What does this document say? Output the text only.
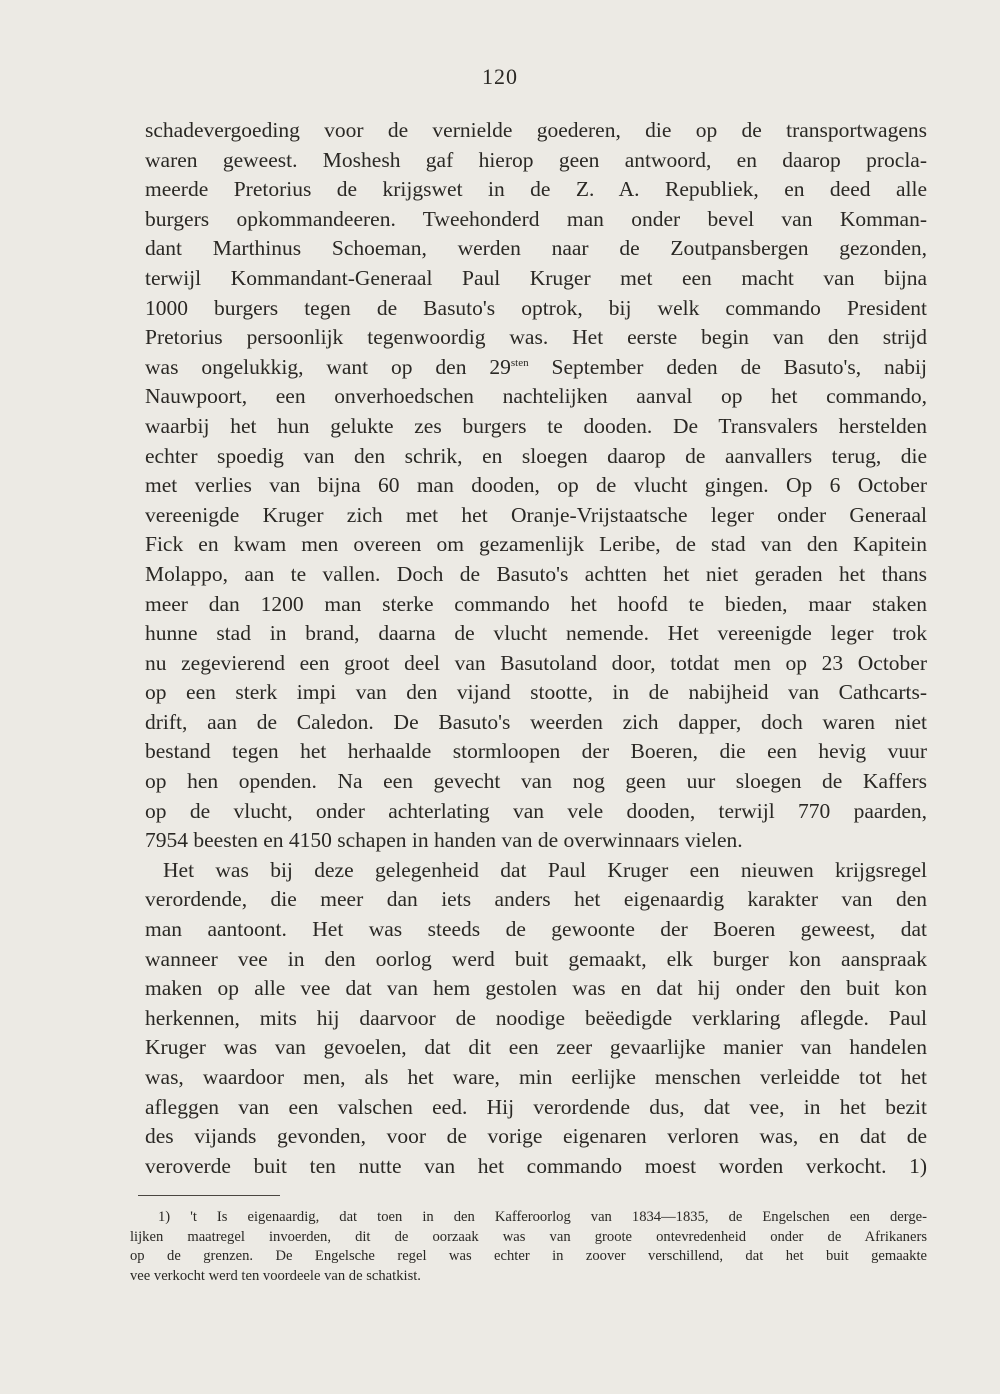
120
schadevergoeding voor de vernielde goederen, die op de transportwagens
waren geweest. Moshesh gaf hierop geen antwoord, en daarop procla-
meerde Pretorius de krijgswet in de Z. A. Republiek, en deed alle
burgers opkommandeeren. Tweehonderd man onder bevel van Komman-
dant Marthinus Schoeman, werden naar de Zoutpansbergen gezonden,
terwijl Kommandant-Generaal Paul Kruger met een macht van bijna
1000 burgers tegen de Basuto's optrok, bij welk commando President
Pretorius persoonlijk tegenwoordig was. Het eerste begin van den strijd
was ongelukkig, want op den $29^{sten}$ September deden de Basuto's, nabij
Nauwpoort, een onverhoedschen nachtelijken aanval op het commando,
waarbij het hun gelukte zes burgers te dooden. De Transvalers herstelden
echter spoedig van den schrik, en sloegen daarop de aanvallers terug, die
met verlies van bijna 60 man dooden, op de vlucht gingen. Op 6 October
vereenigde Kruger zich met het Oranje-Vrijstaatsche leger onder Generaal
Fick en kwam men overeen om gezamenlijk Leribe, de stad van den Kapitein
Molappo, aan te vallen. Doch de Basuto's achtten het niet geraden het thans
meer dan 1200 man sterke commando het hoofd te bieden, maar staken
hunne stad in brand, daarna de vlucht nemende. Het vereenigde leger trok
nu zegevierend een groot deel van Basutoland door, totdat men op 23 October
op een sterk impi van den vijand stootte, in de nabijheid van Cathcarts-
drift, aan de Caledon. De Basuto's weerden zich dapper, doch waren niet
bestand tegen het herhaalde stormloopen der Boeren, die een hevig vuur
op hen openden. Na een gevecht van nog geen uur sloegen de Kaffers
op de vlucht, onder achterlating van vele dooden, terwijl 770 paarden,
7954 beesten en 4150 schapen in handen van de overwinnaars vielen.
Het was bij deze gelegenheid dat Paul Kruger een nieuwen krijgsregel
verordende, die meer dan iets anders het eigenaardig karakter van den
man aantoont. Het was steeds de gewoonte der Boeren geweest, dat
wanneer vee in den oorlog werd buit gemaakt, elk burger kon aanspraak
maken op alle vee dat van hem gestolen was en dat hij onder den buit kon
herkennen, mits hij daarvoor de noodige beëedigde verklaring aflegde. Paul
Kruger was van gevoelen, dat dit een zeer gevaarlijke manier van handelen
was, waardoor men, als het ware, min eerlijke menschen verleidde tot het
afleggen van een valschen eed. Hij verordende dus, dat vee, in het bezit
des vijands gevonden, voor de vorige eigenaren verloren was, en dat de
veroverde buit ten nutte van het commando moest worden verkocht. 1)
1) 't Is eigenaardig, dat toen in den Kafferoorlog van 1834—1835, de Engelschen een derge-
lijken maatregel invoerden, dit de oorzaak was van groote ontevredenheid onder de Afrikaners
op de grenzen. De Engelsche regel was echter in zoover verschillend, dat het buit gemaakte
vee verkocht werd ten voordeele van de schatkist.
